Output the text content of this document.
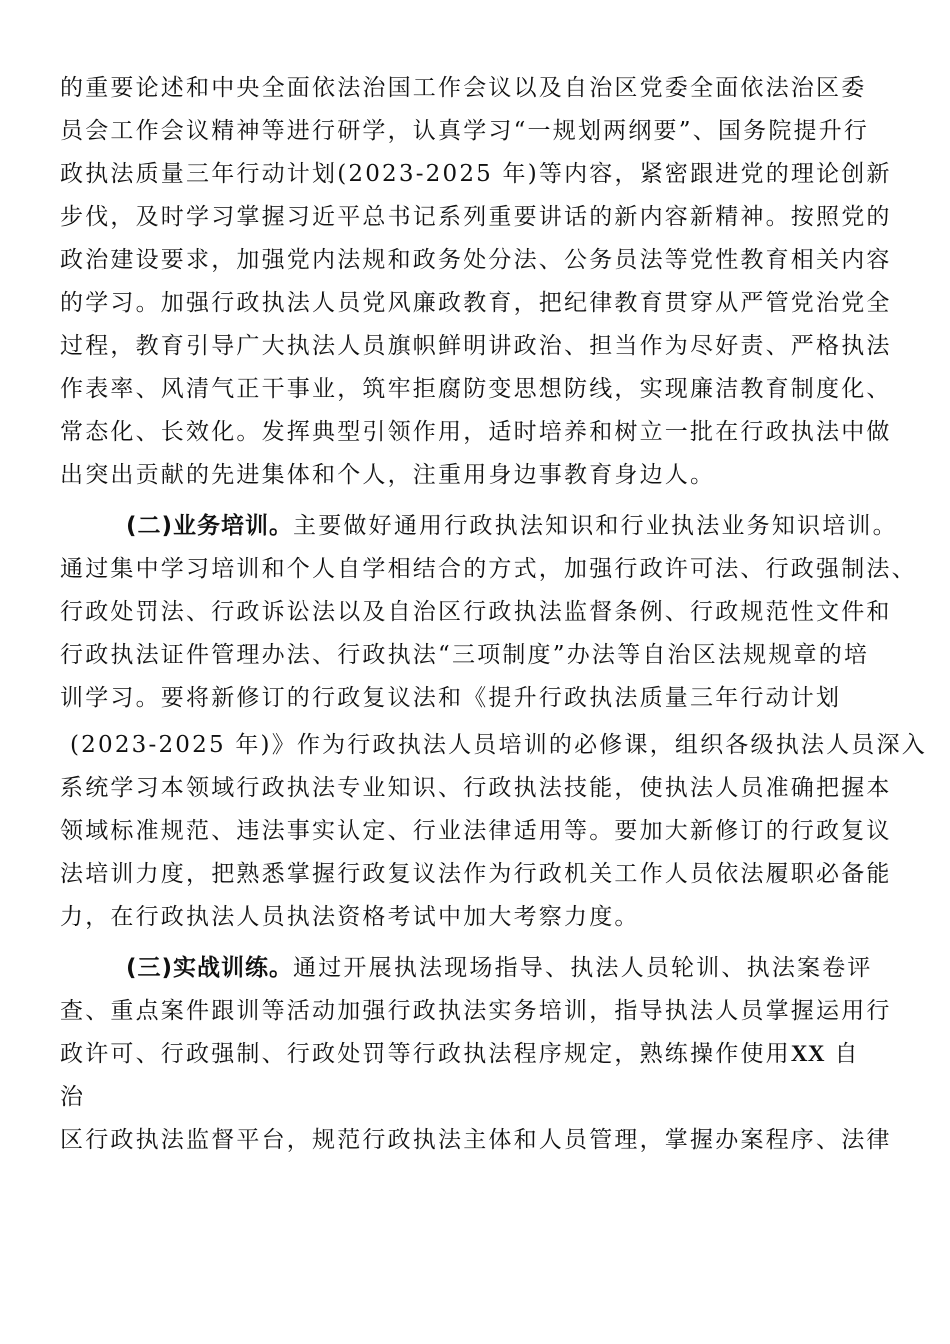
的重要论述和中央全面依法治国工作会议以及自治区党委全面依法治区委
员会工作会议精神等进行研学，认真学习“一规划两纲要”、国务院提升行
政执法质量三年行动计划(2023-2025 年)等内容，紧密跟进党的理论创新
步伐，及时学习掌握习近平总书记系列重要讲话的新内容新精神。按照党的
政治建设要求，加强党内法规和政务处分法、公务员法等党性教育相关内容
的学习。加强行政执法人员党风廉政教育，把纪律教育贯穿从严管党治党全
过程，教育引导广大执法人员旗帜鲜明讲政治、担当作为尽好责、严格执法
作表率、风清气正干事业，筑牢拒腐防变思想防线，实现廉洁教育制度化、
常态化、长效化。发挥典型引领作用，适时培养和树立一批在行政执法中做
出突出贡献的先进集体和个人，注重用身边事教育身边人。
(二)业务培训。主要做好通用行政执法知识和行业执法业务知识培训。
通过集中学习培训和个人自学相结合的方式，加强行政许可法、行政强制法、
行政处罚法、行政诉讼法以及自治区行政执法监督条例、行政规范性文件和
行政执法证件管理办法、行政执法“三项制度”办法等自治区法规规章的培
训学习。要将新修订的行政复议法和《提升行政执法质量三年行动计划
(2023-2025 年)》作为行政执法人员培训的必修课，组织各级执法人员深入
系统学习本领域行政执法专业知识、行政执法技能，使执法人员准确把握本
领域标准规范、违法事实认定、行业法律适用等。要加大新修订的行政复议
法培训力度，把熟悉掌握行政复议法作为行政机关工作人员依法履职必备能
力，在行政执法人员执法资格考试中加大考察力度。
(三)实战训练。通过开展执法现场指导、执法人员轮训、执法案卷评
查、重点案件跟训等活动加强行政执法实务培训，指导执法人员掌握运用行
政许可、行政强制、行政处罚等行政执法程序规定，熟练操作使用XX 自
治
区行政执法监督平台，规范行政执法主体和人员管理，掌握办案程序、法律
